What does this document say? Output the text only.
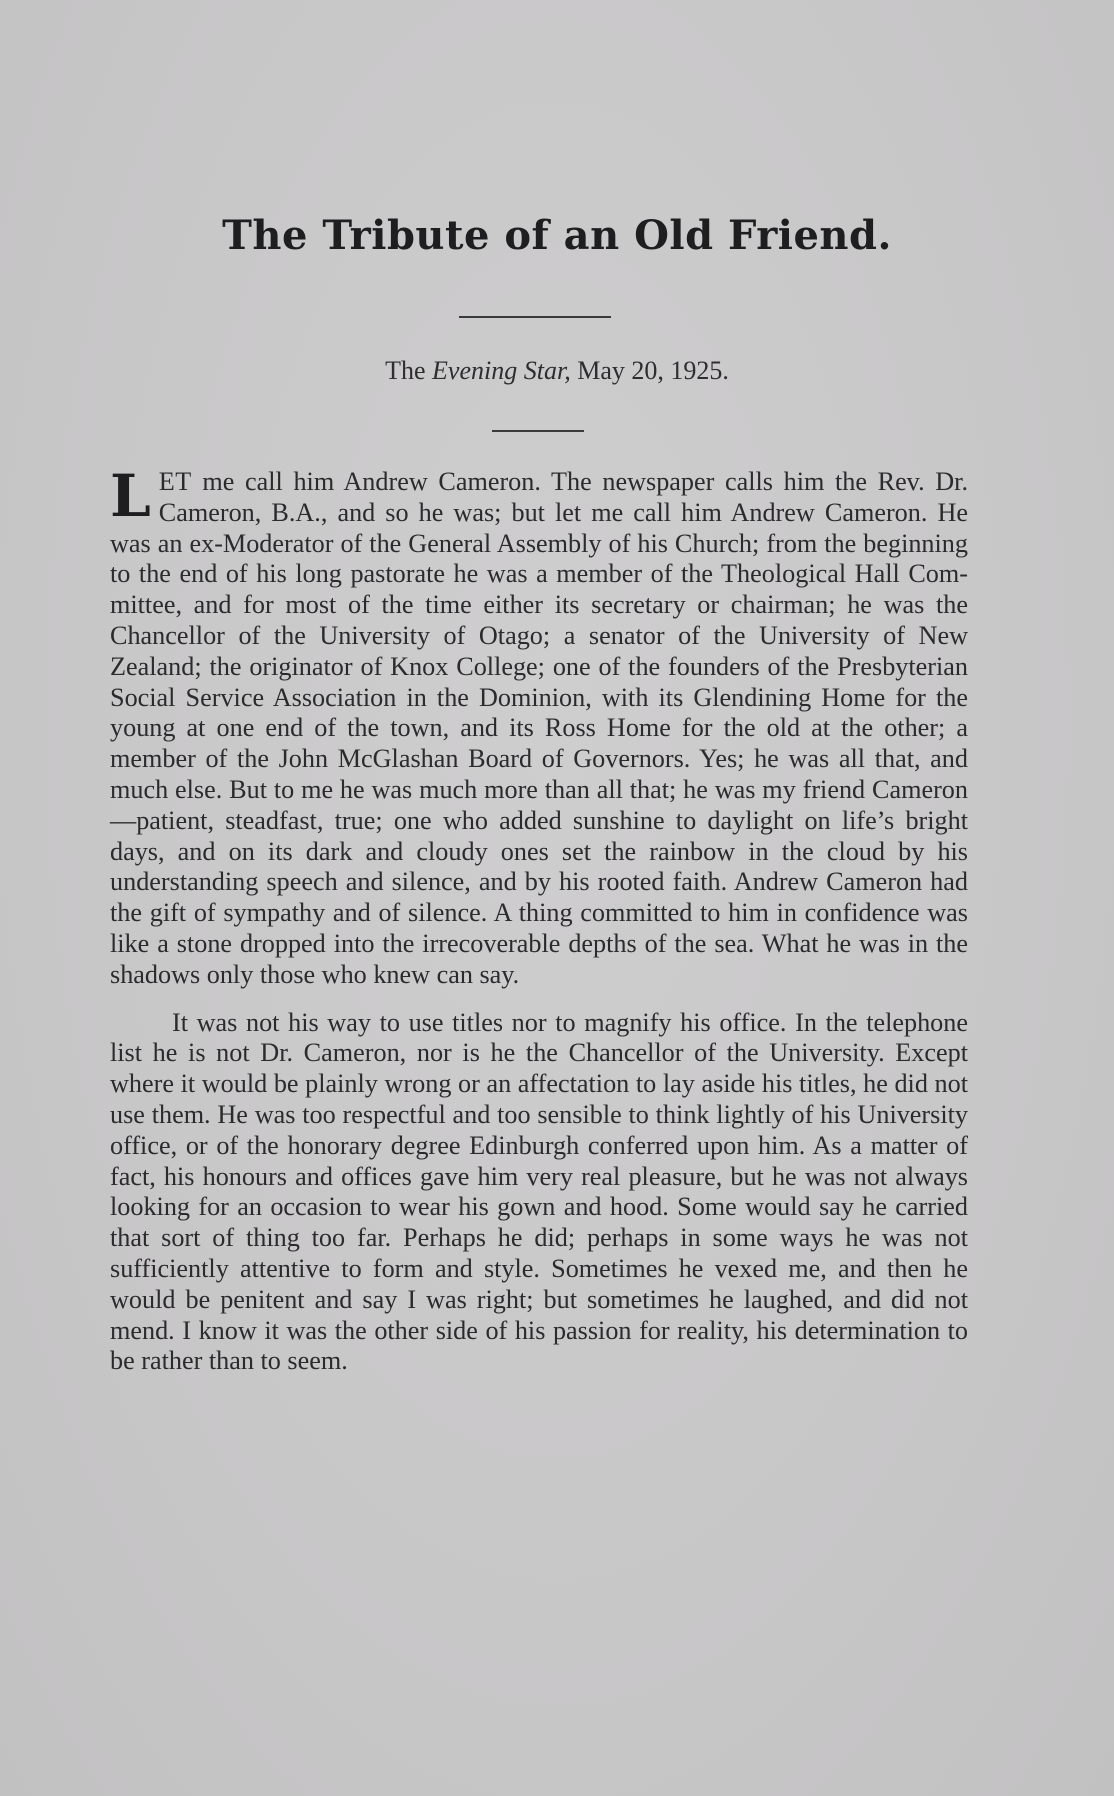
The Tribute of an Old Friend.
The Evening Star, May 20, 1925.

LET me call him Andrew Cameron. The newspaper calls him the Rev. Dr. Cameron, B.A., and so he was; but let me call him Andrew Cameron. He was an ex-Moderator of the General Assembly of his Church; from the beginning to the end of his long pastorate he was a member of the Theological Hall Committee, and for most of the time either its secretary or chairman; he was the Chancellor of the University of Otago; a senator of the University of New Zealand; the originator of Knox College; one of the founders of the Presbyterian Social Service Association in the Dominion, with its Glendining Home for the young at one end of the town, and its Ross Home for the old at the other; a member of the John McGlashan Board of Governors. Yes; he was all that, and much else. But to me he was much more than all that; he was my friend Cameron—patient, steadfast, true; one who added sunshine to daylight on life’s bright days, and on its dark and cloudy ones set the rainbow in the cloud by his understanding speech and silence, and by his rooted faith. Andrew Cameron had the gift of sympathy and of silence. A thing committed to him in confidence was like a stone dropped into the irrecoverable depths of the sea. What he was in the shadows only those who knew can say.

It was not his way to use titles nor to magnify his office. In the telephone list he is not Dr. Cameron, nor is he the Chancellor of the University. Except where it would be plainly wrong or an affectation to lay aside his titles, he did not use them. He was too respectful and too sensible to think lightly of his University office, or of the honorary degree Edinburgh conferred upon him. As a matter of fact, his honours and offices gave him very real pleasure, but he was not always looking for an occasion to wear his gown and hood. Some would say he carried that sort of thing too far. Perhaps he did; perhaps in some ways he was not sufficiently attentive to form and style. Sometimes he vexed me, and then he would be penitent and say I was right; but sometimes he laughed, and did not mend. I know it was the other side of his passion for reality, his determination to be rather than to seem.
